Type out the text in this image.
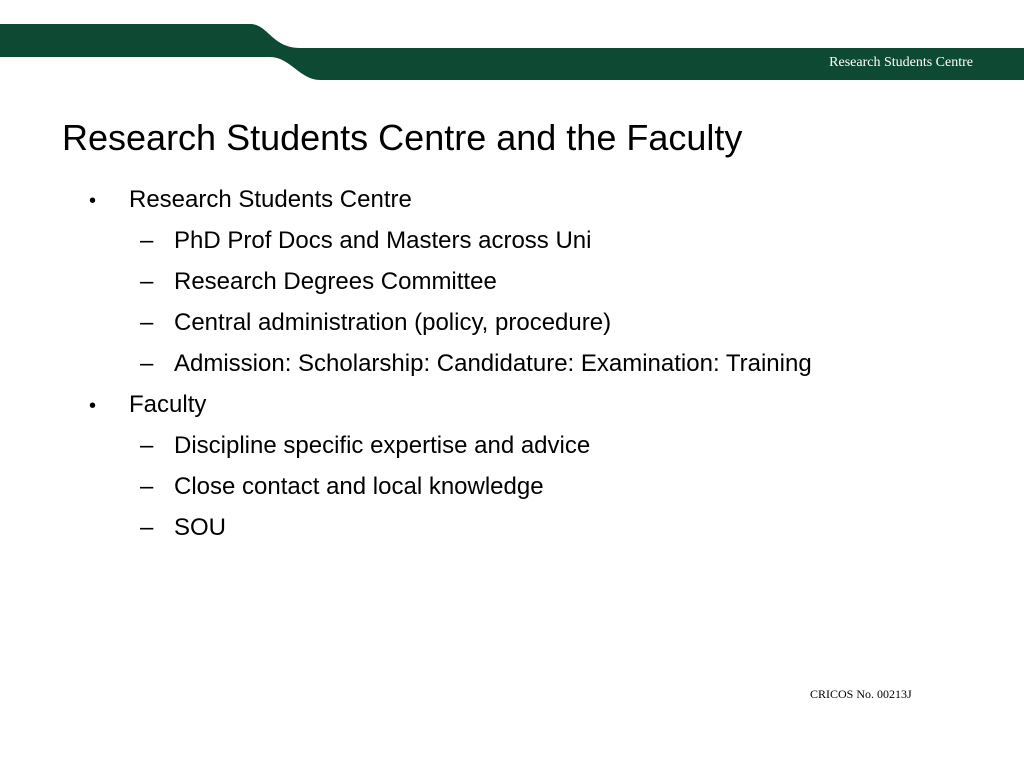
Research Students Centre
Research Students Centre and the Faculty
•	Research Students Centre
– PhD Prof Docs and Masters across Uni
– Research Degrees Committee
– Central administration (policy, procedure)
– Admission: Scholarship: Candidature: Examination: Training
•	Faculty
– Discipline specific expertise and advice
– Close contact and local knowledge
– SOU
CRICOS No. 00213J
